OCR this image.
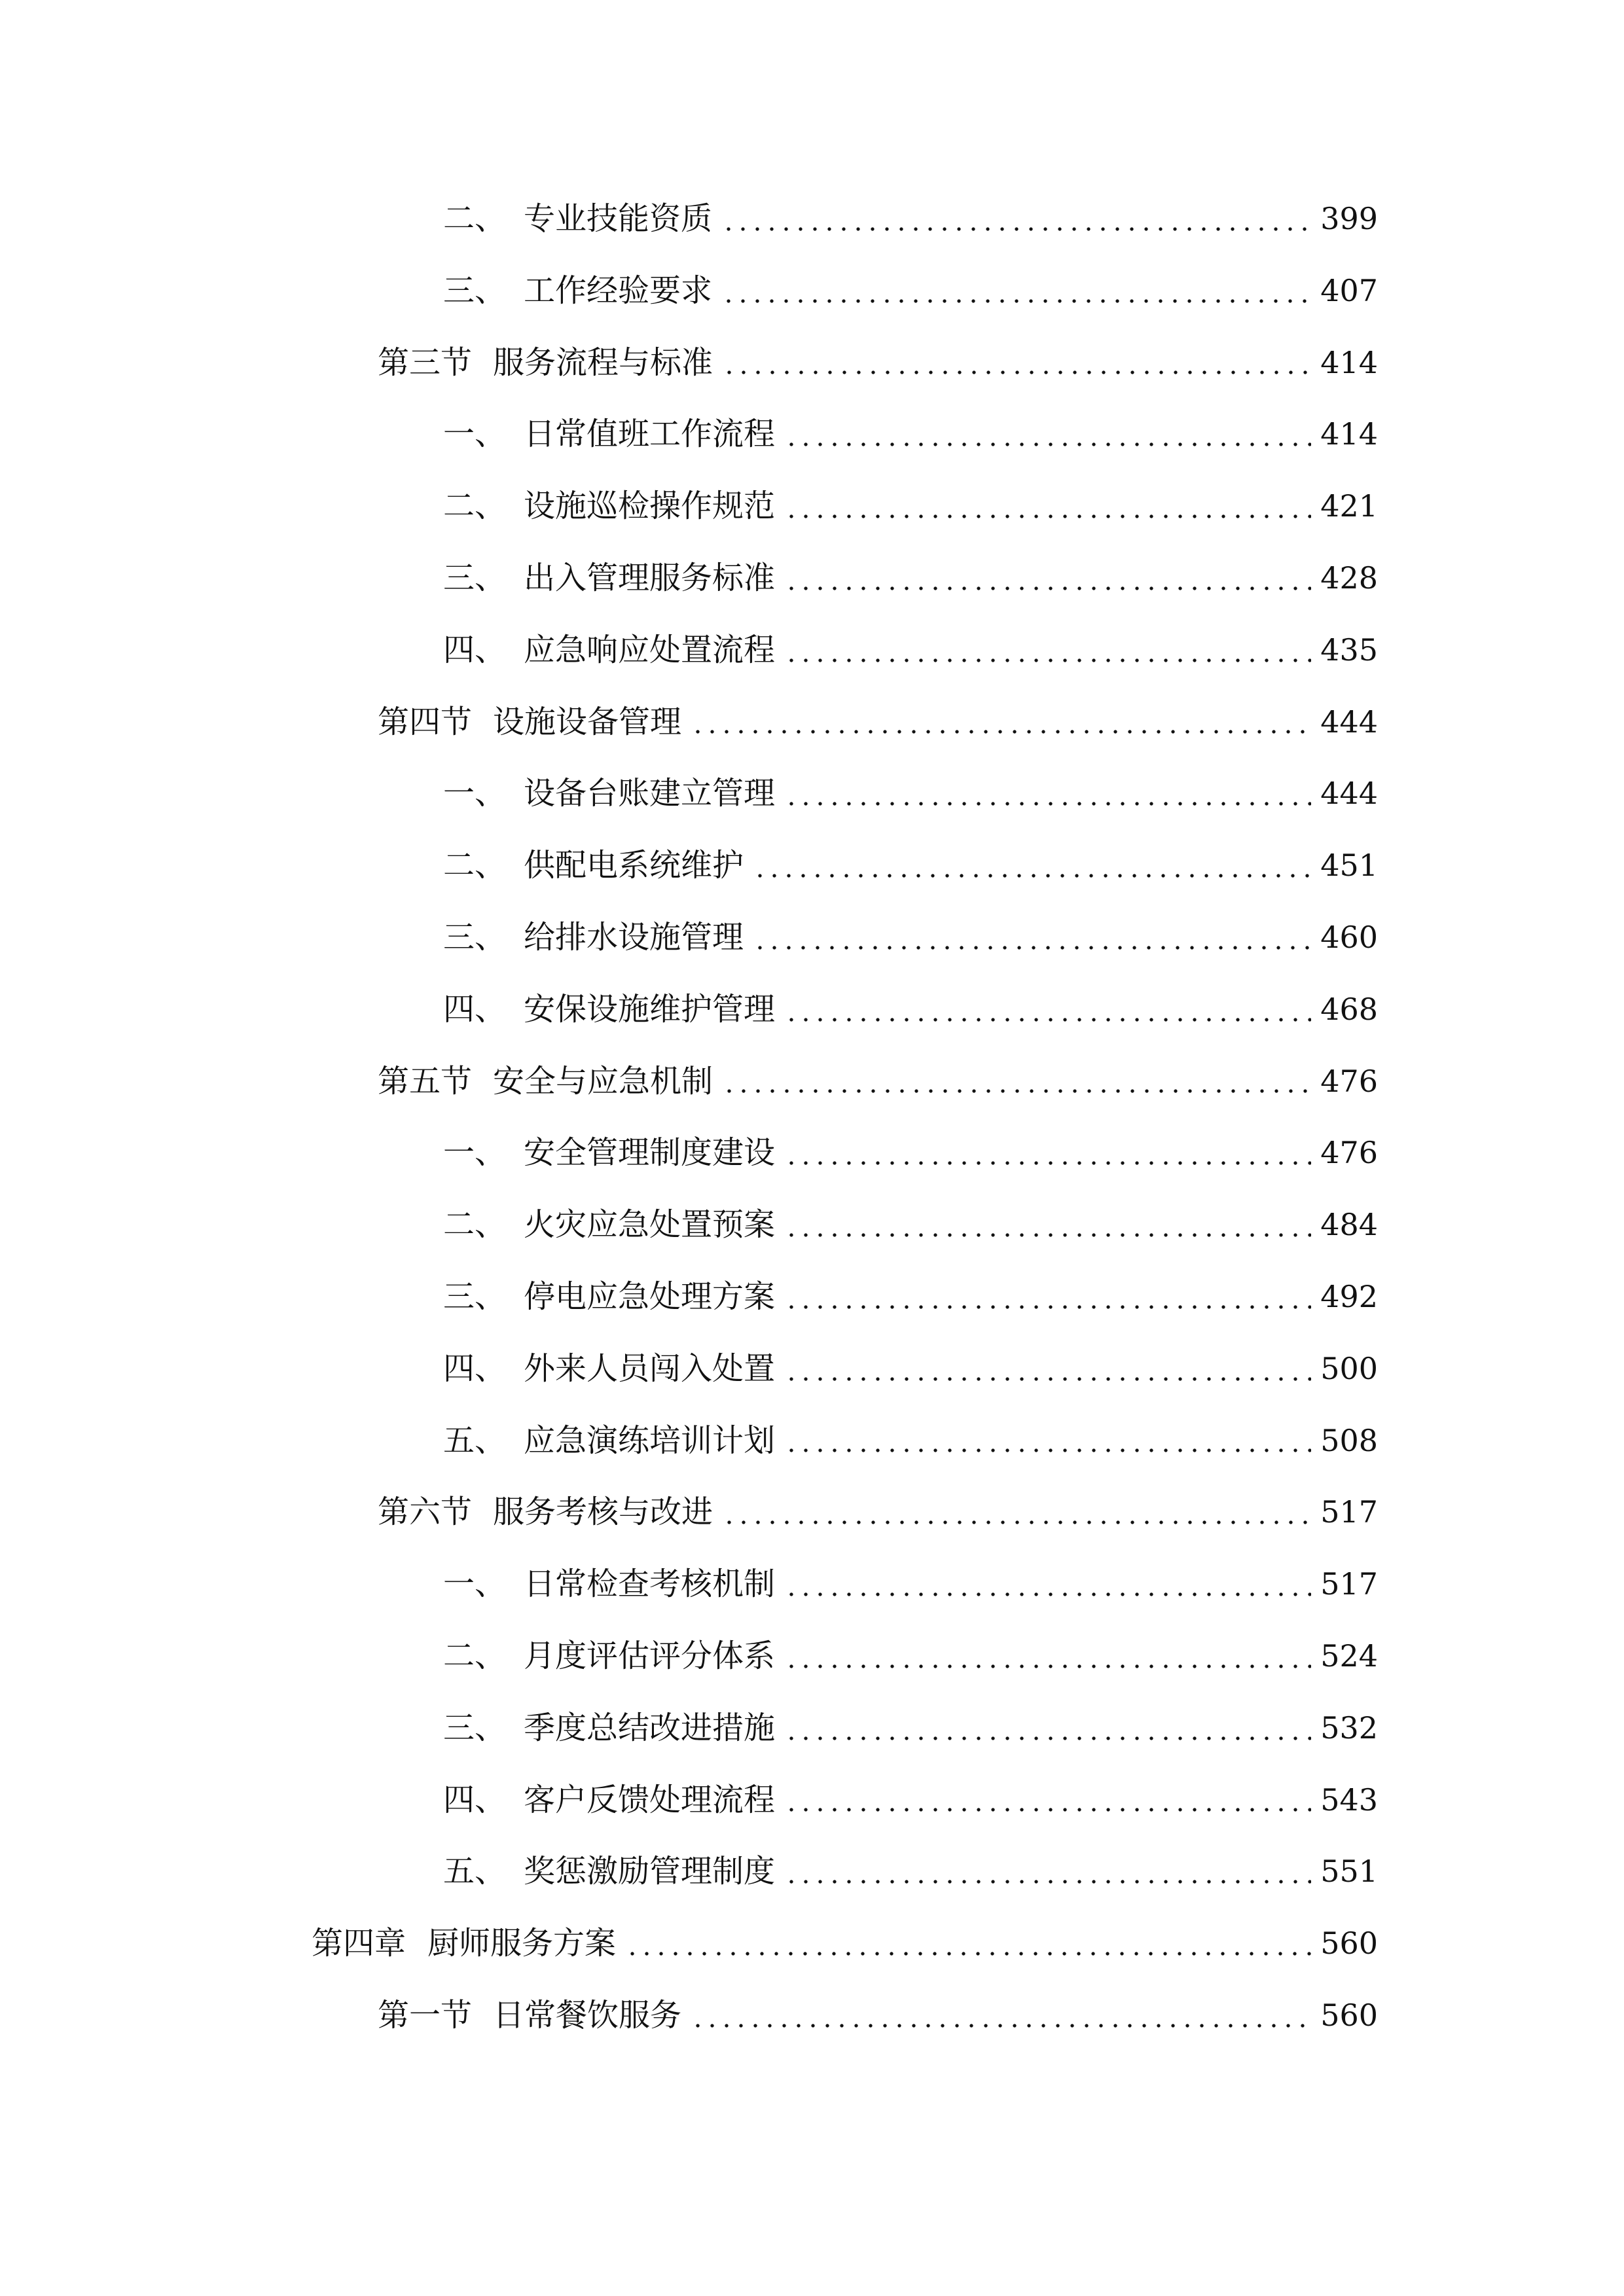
二、 专业技能资质	399
三、 工作经验要求	407
第三节 服务流程与标准	414
一、 日常值班工作流程	414
二、 设施巡检操作规范	421
三、 出入管理服务标准	428
四、 应急响应处置流程	435
第四节 设施设备管理	444
一、 设备台账建立管理	444
二、 供配电系统维护	451
三、 给排水设施管理	460
四、 安保设施维护管理	468
第五节 安全与应急机制	476
一、 安全管理制度建设	476
二、 火灾应急处置预案	484
三、 停电应急处理方案	492
四、 外来人员闯入处置	500
五、 应急演练培训计划	508
第六节 服务考核与改进	517
一、 日常检查考核机制	517
二、 月度评估评分体系	524
三、 季度总结改进措施	532
四、 客户反馈处理流程	543
五、 奖惩激励管理制度	551
第四章 厨师服务方案	560
第一节 日常餐饮服务	560
